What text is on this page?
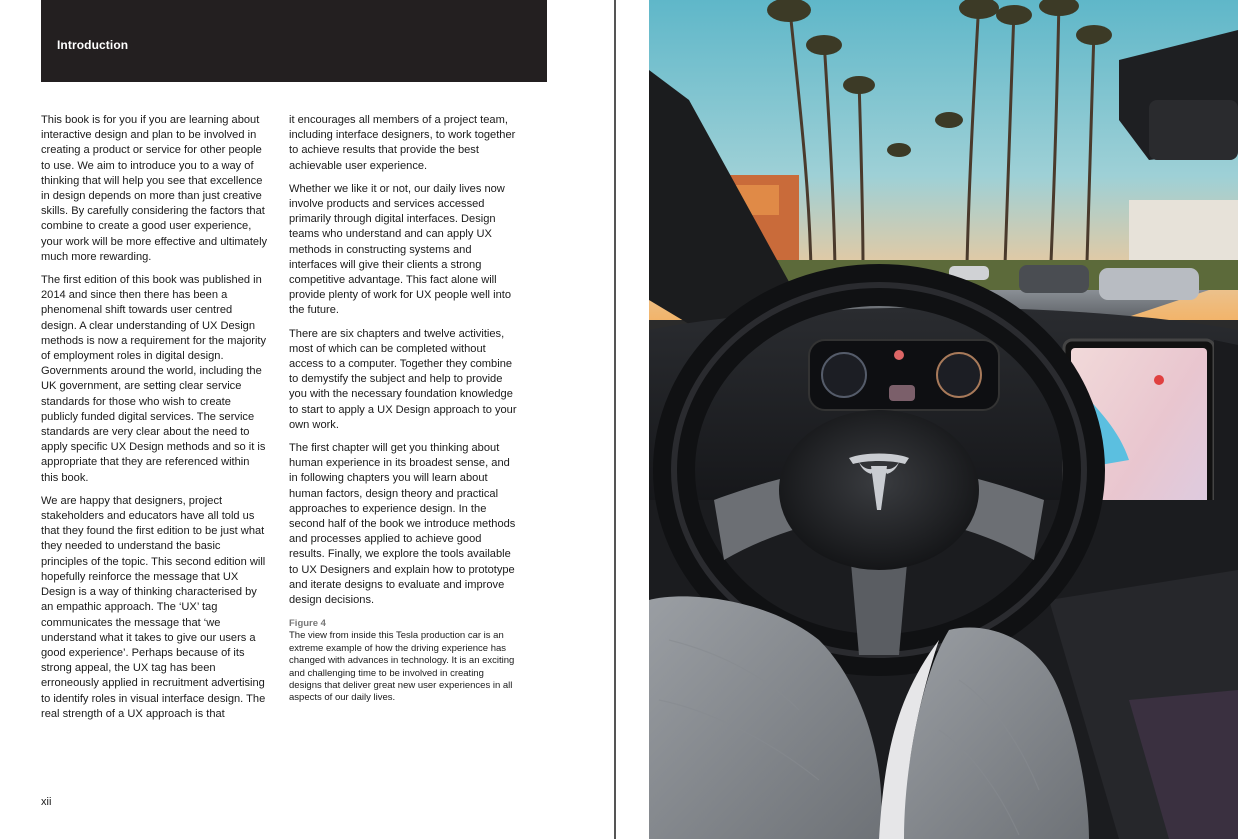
Introduction

This book is for you if you are learning about interactive design and plan to be involved in creating a product or service for other people to use. We aim to introduce you to a way of thinking that will help you see that excellence in design depends on more than just creative skills. By carefully considering the factors that combine to create a good user experience, your work will be more effective and ultimately much more rewarding.

The first edition of this book was published in 2014 and since then there has been a phenomenal shift towards user centred design. A clear understanding of UX Design methods is now a requirement for the majority of employment roles in digital design. Governments around the world, including the UK government, are setting clear service standards for those who wish to create publicly funded digital services. The service standards are very clear about the need to apply specific UX Design methods and so it is appropriate that they are referenced within this book.

We are happy that designers, project stakeholders and educators have all told us that they found the first edition to be just what they needed to understand the basic principles of the topic. This second edition will hopefully reinforce the message that UX Design is a way of thinking characterised by an empathic approach. The ‘UX’ tag communicates the message that ‘we understand what it takes to give our users a good experience’. Perhaps because of its strong appeal, the UX tag has been erroneously applied in recruitment advertising to identify roles in visual interface design. The real strength of a UX approach is that

it encourages all members of a project team, including interface designers, to work together to achieve results that provide the best achievable user experience.

Whether we like it or not, our daily lives now involve products and services accessed primarily through digital interfaces. Design teams who understand and can apply UX methods in constructing systems and interfaces will give their clients a strong competitive advantage. This fact alone will provide plenty of work for UX people well into the future.

There are six chapters and twelve activities, most of which can be completed without access to a computer. Together they combine to demystify the subject and help to provide you with the necessary foundation knowledge to start to apply a UX Design approach to your own work.

The first chapter will get you thinking about human experience in its broadest sense, and in following chapters you will learn about human factors, design theory and practical approaches to experience design. In the second half of the book we introduce methods and processes applied to achieve good results. Finally, we explore the tools available to UX Designers and explain how to prototype and iterate designs to evaluate and improve design decisions.

Figure 4
The view from inside this Tesla production car is an extreme example of how the driving experience has changed with advances in technology. It is an exciting and challenging time to be involved in creating designs that deliver great new user experiences in all aspects of our daily lives.
xii
